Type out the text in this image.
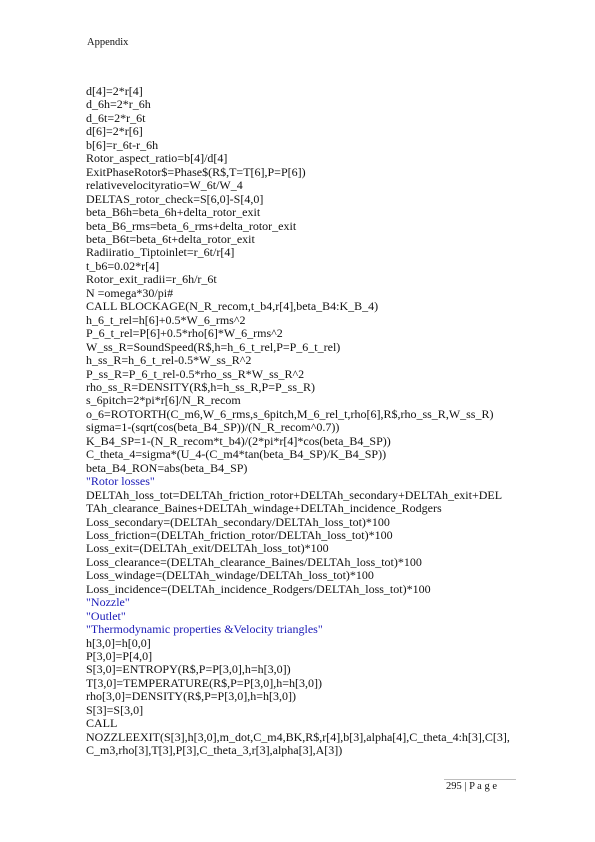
Appendix
d[4]=2*r[4]
d_6h=2*r_6h
d_6t=2*r_6t
d[6]=2*r[6]
b[6]=r_6t-r_6h
Rotor_aspect_ratio=b[4]/d[4]
ExitPhaseRotor$=Phase$(R$,T=T[6],P=P[6])
relativevelocityratio=W_6t/W_4
DELTAS_rotor_check=S[6,0]-S[4,0]
beta_B6h=beta_6h+delta_rotor_exit
beta_B6_rms=beta_6_rms+delta_rotor_exit
beta_B6t=beta_6t+delta_rotor_exit
Radiiratio_Tiptoinlet=r_6t/r[4]
t_b6=0.02*r[4]
Rotor_exit_radii=r_6h/r_6t
N =omega*30/pi#
CALL BLOCKAGE(N_R_recom,t_b4,r[4],beta_B4:K_B_4)
h_6_t_rel=h[6]+0.5*W_6_rms^2
P_6_t_rel=P[6]+0.5*rho[6]*W_6_rms^2
W_ss_R=SoundSpeed(R$,h=h_6_t_rel,P=P_6_t_rel)
h_ss_R=h_6_t_rel-0.5*W_ss_R^2
P_ss_R=P_6_t_rel-0.5*rho_ss_R*W_ss_R^2
rho_ss_R=DENSITY(R$,h=h_ss_R,P=P_ss_R)
s_6pitch=2*pi*r[6]/N_R_recom
o_6=ROTORTH(C_m6,W_6_rms,s_6pitch,M_6_rel_t,rho[6],R$,rho_ss_R,W_ss_R)
sigma=1-(sqrt(cos(beta_B4_SP))/(N_R_recom^0.7))
K_B4_SP=1-(N_R_recom*t_b4)/(2*pi*r[4]*cos(beta_B4_SP))
C_theta_4=sigma*(U_4-(C_m4*tan(beta_B4_SP)/K_B4_SP))
beta_B4_RON=abs(beta_B4_SP)
"Rotor losses"
DELTAh_loss_tot=DELTAh_friction_rotor+DELTAh_secondary+DELTAh_exit+DEL
TAh_clearance_Baines+DELTAh_windage+DELTAh_incidence_Rodgers
Loss_secondary=(DELTAh_secondary/DELTAh_loss_tot)*100
Loss_friction=(DELTAh_friction_rotor/DELTAh_loss_tot)*100
Loss_exit=(DELTAh_exit/DELTAh_loss_tot)*100
Loss_clearance=(DELTAh_clearance_Baines/DELTAh_loss_tot)*100
Loss_windage=(DELTAh_windage/DELTAh_loss_tot)*100
Loss_incidence=(DELTAh_incidence_Rodgers/DELTAh_loss_tot)*100
"Nozzle"
"Outlet"
"Thermodynamic properties &Velocity triangles"
h[3,0]=h[0,0]
P[3,0]=P[4,0]
S[3,0]=ENTROPY(R$,P=P[3,0],h=h[3,0])
T[3,0]=TEMPERATURE(R$,P=P[3,0],h=h[3,0])
rho[3,0]=DENSITY(R$,P=P[3,0],h=h[3,0])
S[3]=S[3,0]
CALL
NOZZLEEXIT(S[3],h[3,0],m_dot,C_m4,BK,R$,r[4],b[3],alpha[4],C_theta_4:h[3],C[3],
C_m3,rho[3],T[3],P[3],C_theta_3,r[3],alpha[3],A[3])
295 | P a g e
